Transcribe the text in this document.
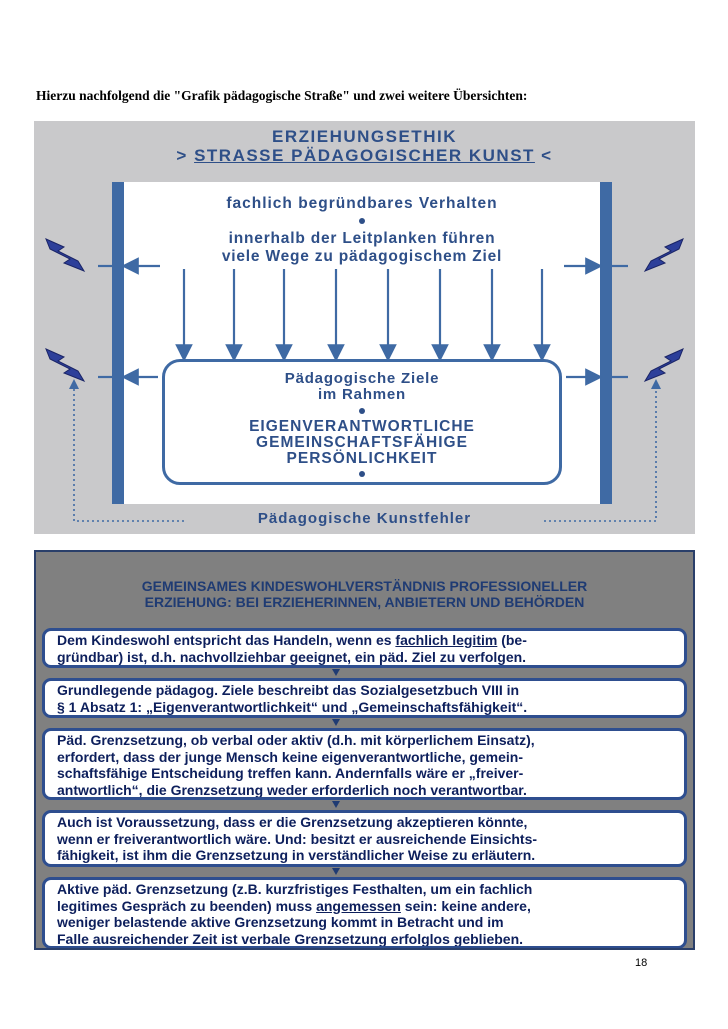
Hierzu nachfolgend die "Grafik pädagogische Straße" und zwei weitere Übersichten:
ERZIEHUNGSETHIK
> STRASSE PÄDAGOGISCHER KUNST <
fachlich begründbares Verhalten
innerhalb der Leitplanken führen
viele Wege zu pädagogischem Ziel
Pädagogische Ziele
im Rahmen
EIGENVERANTWORTLICHE
GEMEINSCHAFTSFÄHIGE
PERSÖNLICHKEIT
Pädagogische Kunstfehler
GEMEINSAMES KINDESWOHLVERSTÄNDNIS PROFESSIONELLER
ERZIEHUNG: BEI ERZIEHERINNEN, ANBIETERN UND BEHÖRDEN

Dem Kindeswohl entspricht das Handeln, wenn es fachlich legitim (be-

gründbar) ist, d.h. nachvollziehbar geeignet, ein päd. Ziel zu verfolgen.

Grundlegende pädagog. Ziele beschreibt das Sozialgesetzbuch VIII in

§ 1 Absatz 1: „Eigenverantwortlichkeit“ und „Gemeinschaftsfähigkeit“.

Päd. Grenzsetzung, ob verbal oder aktiv (d.h. mit körperlichem Einsatz),

erfordert, dass der junge Mensch keine eigenverantwortliche, gemein-

schaftsfähige Entscheidung treffen kann. Andernfalls wäre er „freiver-

antwortlich“, die Grenzsetzung weder erforderlich noch verantwortbar.

Auch ist Voraussetzung, dass er die Grenzsetzung akzeptieren könnte,

wenn er freiverantwortlich wäre. Und: besitzt er ausreichende Einsichts-

fähigkeit, ist ihm die Grenzsetzung in verständlicher Weise zu erläutern.

Aktive päd. Grenzsetzung (z.B. kurzfristiges Festhalten, um ein fachlich

legitimes Gespräch zu beenden) muss angemessen sein: keine andere,

weniger belastende aktive Grenzsetzung kommt in Betracht und im

Falle ausreichender Zeit ist verbale Grenzsetzung erfolglos geblieben.

18
